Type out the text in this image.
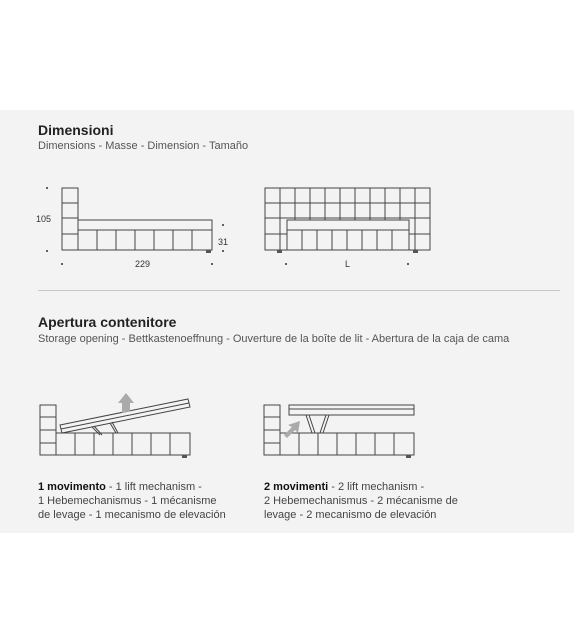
Dimensioni
Dimensions - Masse - Dimension - Tamaño
105
31
229	L
Apertura contenitore
Storage opening - Bettkastenoeffnung - Ouverture de la boîte de lit - Abertura de la caja de cama
1 movimento - 1 lift mechanism -
1 Hebemechanismus - 1 mécanisme
de levage - 1 mecanismo de elevación
2 movimenti - 2 lift mechanism -
2 Hebemechanismus - 2 mécanisme de
levage - 2 mecanismo de elevación
